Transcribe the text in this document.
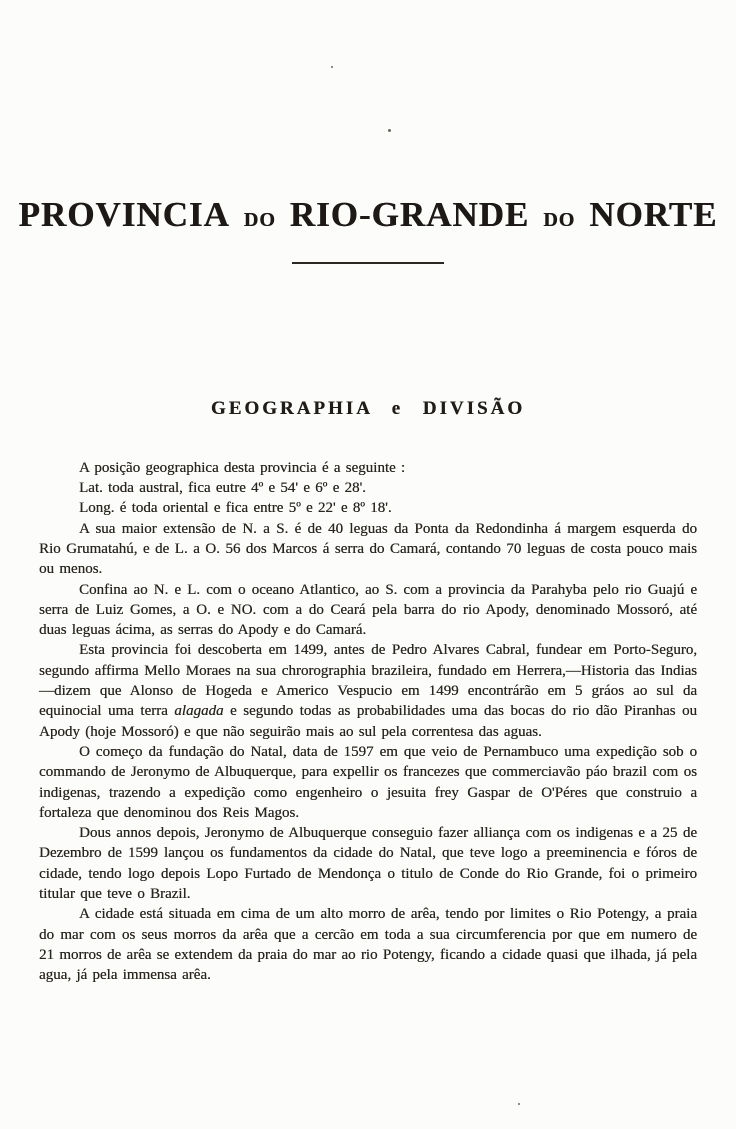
PROVINCIA DO RIO-GRANDE DO NORTE
GEOGRAPHIA e DIVISÃO

A posição geographica desta provincia é a seguinte :

Lat. toda austral, fica eutre 4º e 54' e 6º e 28'.

Long. é toda oriental e fica entre 5º e 22' e 8º 18'.

A sua maior extensão de N. a S. é de 40 leguas da Ponta da Redondinha á margem esquerda do Rio Grumatahú, e de L. a O. 56 dos Marcos á serra do Camará, contando 70 leguas de costa pouco mais ou menos.

Confina ao N. e L. com o oceano Atlantico, ao S. com a provincia da Parahyba pelo rio Guajú e serra de Luiz Gomes, a O. e NO. com a do Ceará pela barra do rio Apody, denominado Mossoró, até duas leguas ácima, as serras do Apody e do Camará.

Esta provincia foi descoberta em 1499, antes de Pedro Alvares Cabral, fundear em Porto-Seguro, segundo affirma Mello Moraes na sua chrorographia brazileira, fundado em Herrera,—Historia das Indias—dizem que Alonso de Hogeda e Americo Vespucio em 1499 encontrárão em 5 gráos ao sul da equinocial uma terra alagada e segundo todas as probabilidades uma das bocas do rio dão Piranhas ou Apody (hoje Mossoró) e que não seguirão mais ao sul pela correntesa das aguas.

O começo da fundação do Natal, data de 1597 em que veio de Pernambuco uma expedição sob o commando de Jeronymo de Albuquerque, para expellir os francezes que commerciavão páo brazil com os indigenas, trazendo a expedição como engenheiro o jesuita frey Gaspar de O'Péres que construio a fortaleza que denominou dos Reis Magos.

Dous annos depois, Jeronymo de Albuquerque conseguio fazer alliança com os indigenas e a 25 de Dezembro de 1599 lançou os fundamentos da cidade do Natal, que teve logo a preeminencia e fóros de cidade, tendo logo depois Lopo Furtado de Mendonça o titulo de Conde do Rio Grande, foi o primeiro titular que teve o Brazil.

A cidade está situada em cima de um alto morro de arêa, tendo por limites o Rio Potengy, a praia do mar com os seus morros da arêa que a cercão em toda a sua circumferencia por que em numero de 21 morros de arêa se extendem da praia do mar ao rio Potengy, ficando a cidade quasi que ilhada, já pela agua, já pela immensa arêa.
